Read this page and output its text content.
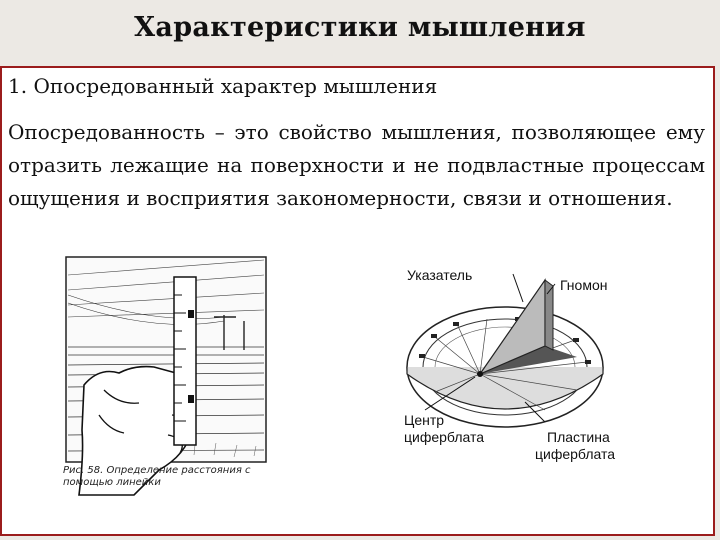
Характеристики мышления
1. Опосредованный характер мышления
Опосредованность – это свойство мышления, позволяющее ему отразить лежащие на поверхности и не подвластные процессам ощущения и восприятия закономерности, связи и отношения.
Рис. 58. Определение расстояния с
помощью линейки
Указатель
Гномон
Центр
циферблата	Пластина
циферблата
